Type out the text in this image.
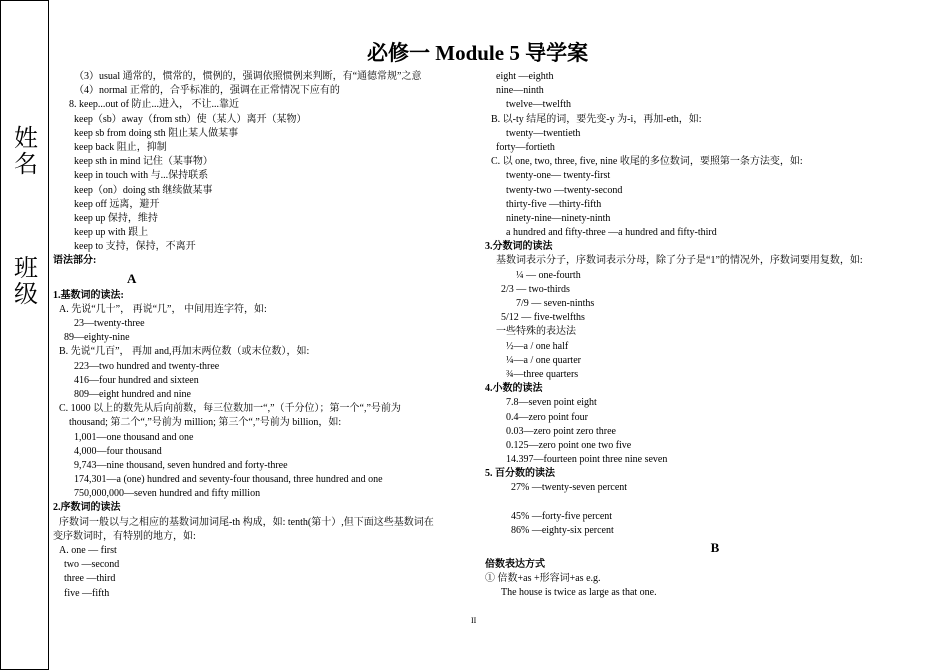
姓名
班级
必修一 Module 5 导学案
（3）usual 通常的，惯常的，惯例的，强调依照惯例来判断，有“通德常规”之意
（4）normal 正常的，合乎标准的，强调在正常情况下应有的
8. keep...out of 防止...进入， 不让...靠近
keep（sb）away（from sth）使（某人）离开（某物）
keep sb from doing sth 阻止某人做某事
keep back 阻止，抑制
keep sth in mind 记住（某事物）
keep in touch with 与...保持联系
keep（on）doing sth 继续做某事
keep off 远离，避开
keep up 保持，维持
keep up with 跟上
keep to 支持，保持，不离开
语法部分:
A
1.基数词的读法:
A. 先说“几十”， 再说“几”， 中间用连字符，如:
23—twenty-three
89—eighty-nine
B. 先说“几百”， 再加 and,再加末两位数（或末位数），如:
223—two hundred and twenty-three
416—four hundred and sixteen
809—eight hundred and nine
C. 1000 以上的数先从后向前数，每三位数加一“,”（千分位）；第一个“,”号前为
thousand; 第二个“,”号前为 million; 第三个“,”号前为 billion，如:
1,001—one thousand and one
4,000—four thousand
9,743—nine thousand, seven hundred and forty-three
174,301—a (one) hundred and seventy-four thousand, three hundred and one
750,000,000—seven hundred and fifty million
2.序数词的读法
序数词一般以与之相应的基数词加词尾-th 构成，如: tenth(第十）,但下面这些基数词在
变序数词时，有特别的地方，如:
A. one — first
two —second
three —third
five —fifth
eight —eighth
nine—ninth
twelve—twelfth
B. 以-ty 结尾的词，要先变-y 为-i，再加-eth，如:
twenty—twentieth
forty—fortieth
C. 以 one, two, three, five, nine 收尾的多位数词，要照第一条方法变，如:
twenty-one— twenty-first
twenty-two —twenty-second
thirty-five —thirty-fifth
ninety-nine—ninety-ninth
a hundred and fifty-three —a hundred and fifty-third
3.分数词的读法
基数词表示分子，序数词表示分母，除了分子是“1”的情况外，序数词要用复数，如:
¼ — one-fourth
2/3 — two-thirds
7/9 — seven-ninths
5/12 — five-twelfths
一些特殊的表达法
½—a / one half
¼—a / one quarter
¾—three quarters
4.小数的读法
7.8—seven point eight
0.4—zero point four
0.03—zero point zero three
0.125—zero point one two five
14.397—fourteen point three nine seven
5. 百分数的读法
27% —twenty-seven percent
45% —forty-five percent
86% —eighty-six percent
B
倍数表达方式
① 倍数+as +形容词+as e.g.
The house is twice as large as that one.
II
